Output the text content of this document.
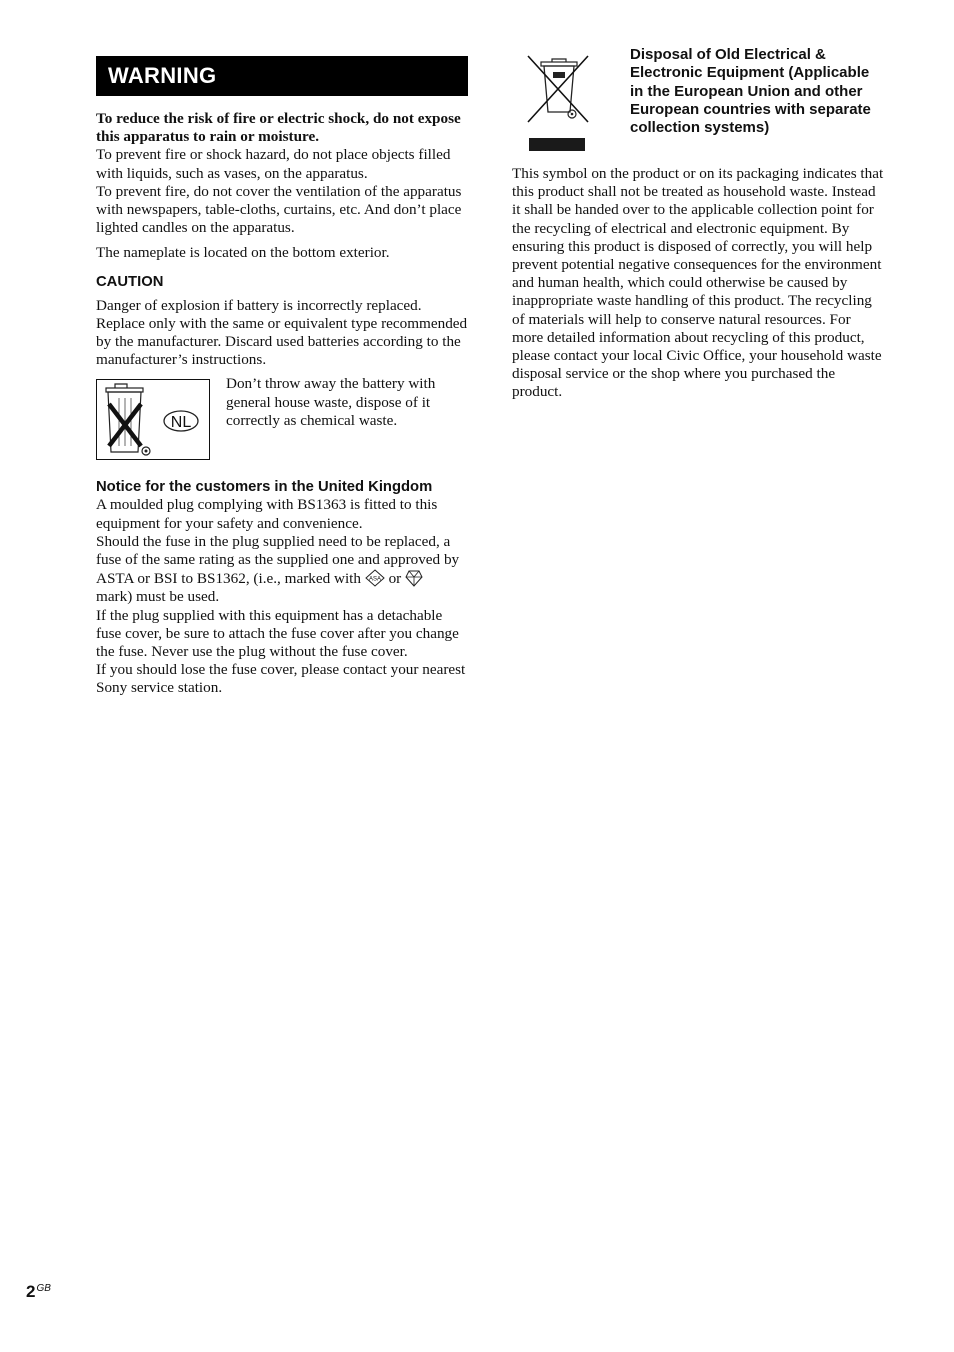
WARNING

To reduce the risk of fire or electric shock, do not expose this apparatus to rain or moisture.

To prevent fire or shock hazard, do not place objects filled with liquids, such as vases, on the apparatus.

To prevent fire, do not cover the ventilation of the apparatus with newspapers, table-cloths, curtains, etc. And don’t place lighted candles on the apparatus.

The nameplate is located on the bottom exterior.

CAUTION

Danger of explosion if battery is incorrectly replaced. Replace only with the same or equivalent type recommended by the manufacturer. Discard used batteries according to the manufacturer’s instructions.

NL

Don’t throw away the battery with general house waste, dispose of it correctly as chemical waste.

Notice for the customers in the United Kingdom

A moulded plug complying with BS1363 is fitted to this equipment for your safety and convenience.

Should the fuse in the plug supplied need to be replaced, a fuse of the same rating as the supplied one and approved by ASTA or BSI to BS1362, (i.e., marked with ASA or
mark) must be used.

If the plug supplied with this equipment has a detachable fuse cover, be sure to attach the fuse cover after you change the fuse. Never use the plug without the fuse cover.

If you should lose the fuse cover, please contact your nearest Sony service station.

Disposal of Old Electrical & Electronic Equipment (Applicable in the European Union and other European countries with separate collection systems)

This symbol on the product or on its packaging indicates that this product shall not be treated as household waste. Instead it shall be handed over to the applicable collection point for the recycling of electrical and electronic equipment. By ensuring this product is disposed of correctly, you will help prevent potential negative consequences for the environment and human health, which could otherwise be caused by inappropriate waste handling of this product. The recycling of materials will help to conserve natural resources. For more detailed information about recycling of this product, please contact your local Civic Office, your household waste disposal service or the shop where you purchased the product.

$2^{GB}$
